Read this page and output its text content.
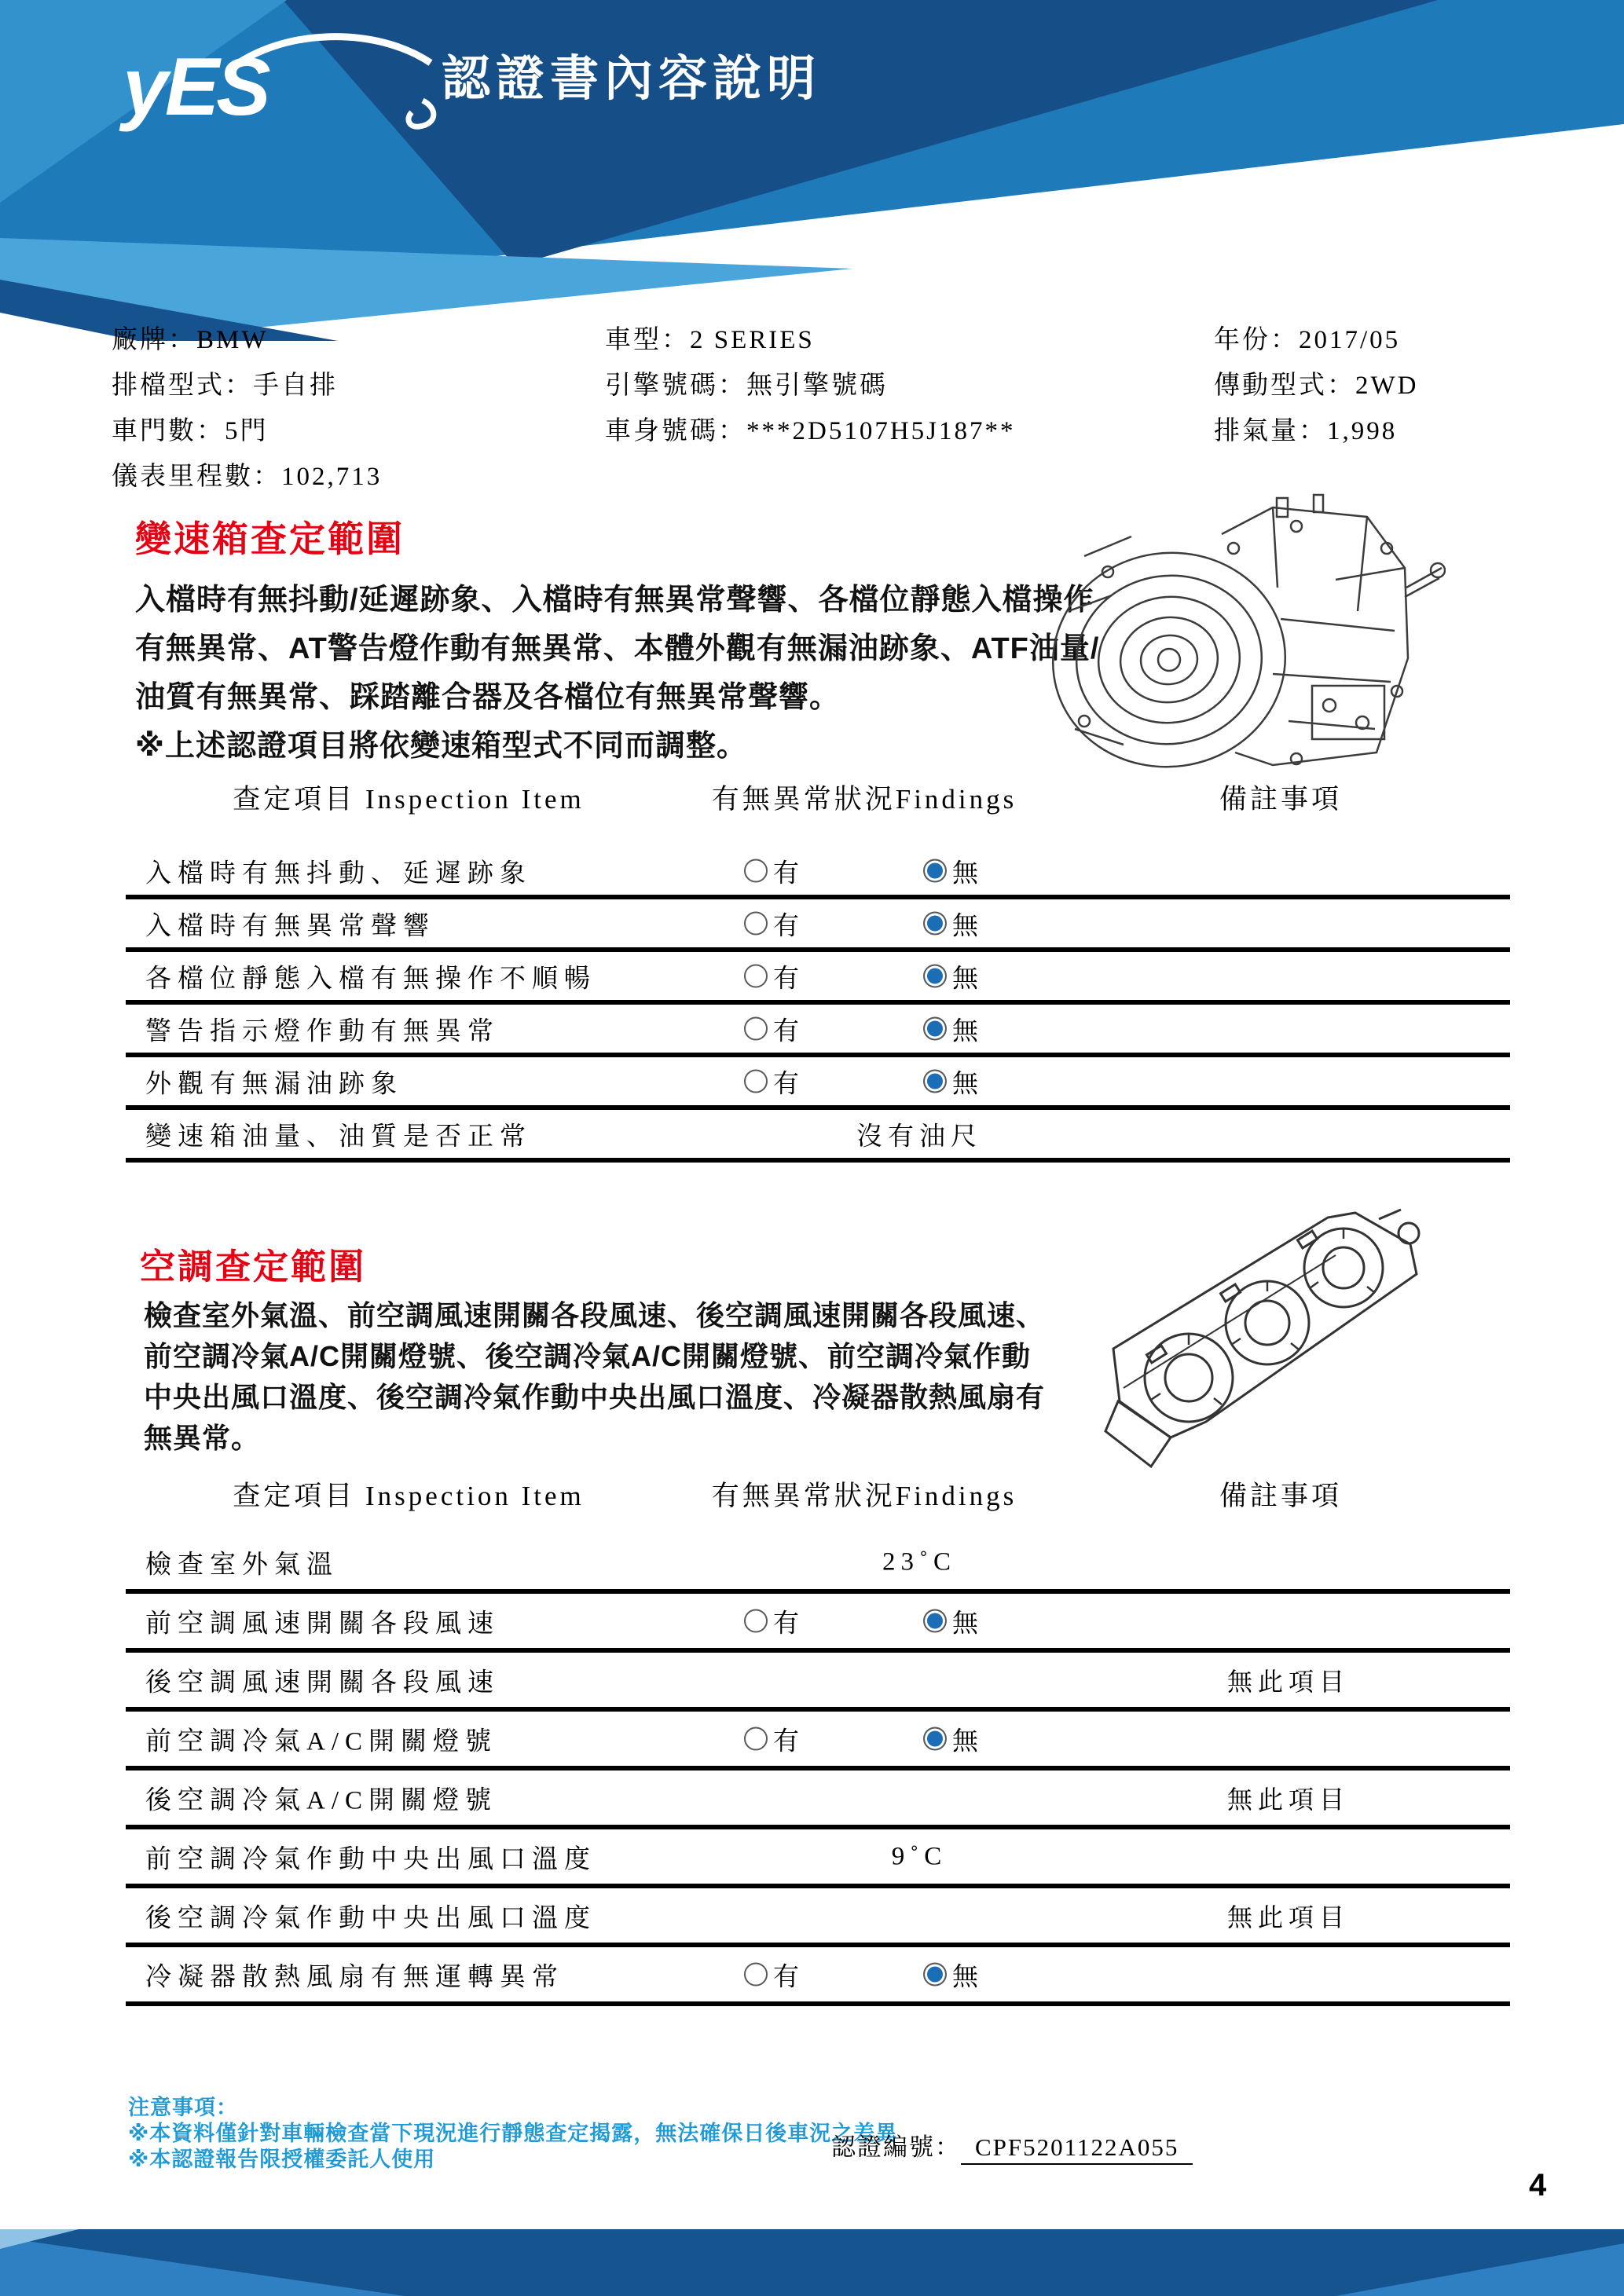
yES	認證書內容說明
廠牌：BMW	車型：2 SERIES	年份：2017/05
排檔型式：手自排	引擎號碼：無引擎號碼	傳動型式：2WD
車門數：5門	車身號碼：***2D5107H5J187**	排氣量：1,998
儀表里程數：102,713
變速箱查定範圍
入檔時有無抖動/延遲跡象、入檔時有無異常聲響、各檔位靜態入檔操作
有無異常、AT警告燈作動有無異常、本體外觀有無漏油跡象、ATF油量/
油質有無異常、踩踏離合器及各檔位有無異常聲響。
※上述認證項目將依變速箱型式不同而調整。
查定項目 Inspection Item	有無異常狀況Findings	備註事項
入檔時有無抖動、延遲跡象	有	無
入檔時有無異常聲響	有	無
各檔位靜態入檔有無操作不順暢	有	無
警告指示燈作動有無異常	有	無
外觀有無漏油跡象	有	無
變速箱油量、油質是否正常	沒有油尺
空調查定範圍
檢查室外氣溫、前空調風速開關各段風速、後空調風速開關各段風速、
前空調冷氣A/C開關燈號、後空調冷氣A/C開關燈號、前空調冷氣作動
中央出風口溫度、後空調冷氣作動中央出風口溫度、冷凝器散熱風扇有
無異常。
查定項目 Inspection Item	有無異常狀況Findings	備註事項
檢查室外氣溫	23˚C
前空調風速開關各段風速	有	無
後空調風速開關各段風速	無此項目
前空調冷氣A/C開關燈號	有	無
後空調冷氣A/C開關燈號	無此項目
前空調冷氣作動中央出風口溫度	9˚C
後空調冷氣作動中央出風口溫度	無此項目
冷凝器散熱風扇有無運轉異常	有	無
注意事項：
※本資料僅針對車輛檢查當下現況進行靜態查定揭露，無法確保日後車況之差異
※本認證報告限授權委託人使用	認證編號： CPF5201122A055
4
